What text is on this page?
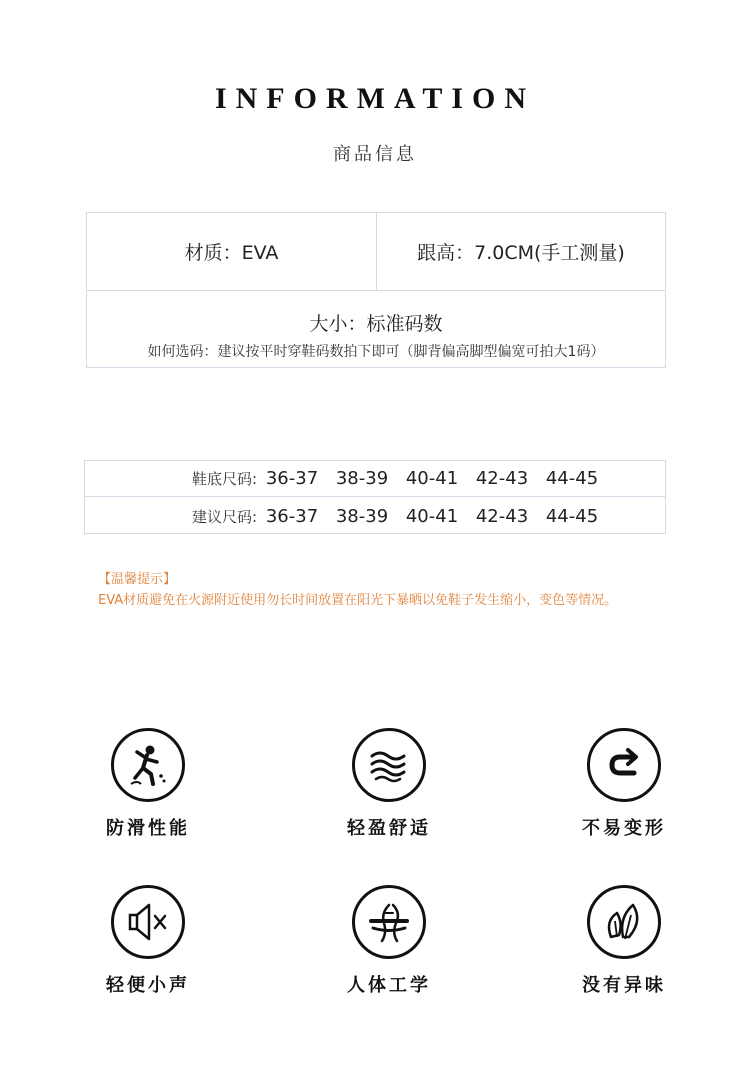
INFORMATION
商品信息
材质：EVA	跟高：7.0CM(手工测量)
大小：标准码数
如何选码：建议按平时穿鞋码数拍下即可（脚背偏高脚型偏宽可拍大1码）
鞋底尺码: 36-37 38-39 40-41 42-43 44-45
建议尺码: 36-37 38-39 40-41 42-43 44-45
【温馨提示】
EVA材质避免在火源附近使用勿长时间放置在阳光下暴晒以免鞋子发生缩小，变色等情况。
防滑性能	轻盈舒适	不易变形
轻便小声	人体工学	没有异味
